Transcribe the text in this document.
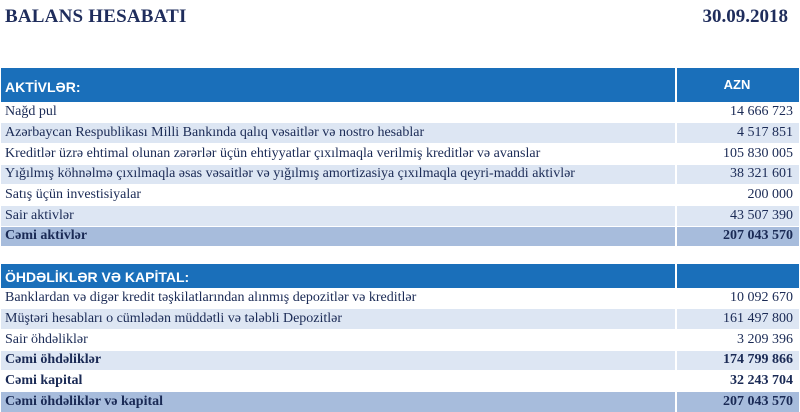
BALANS HESABATI	30.09.2018
AKTİVLƏR:	AZN
Nağd pul	14 666 723
Azərbaycan Respublikası Milli Bankında qalıq vəsaitlər və nostro hesablar	4 517 851
Kreditlər üzrə ehtimal olunan zərərlər üçün ehtiyyatlar çıxılmaqla verilmiş kreditlər və avanslar	105 830 005
Yığılmış köhnəlmə çıxılmaqla əsas vəsaitlər və yığılmış amortizasiya çıxılmaqla qeyri-maddi aktivlər	38 321 601
Satış üçün investisiyalar	200 000
Sair aktivlər	43 507 390
Cəmi aktivlər	207 043 570
ÖHDƏLİKLƏR VƏ KAPİTAL:	
Banklardan və digər kredit təşkilatlarından alınmış depozitlər və kreditlər	10 092 670
Müştəri hesabları o cümlədən müddətli və tələbli Depozitlər	161 497 800
Sair öhdəliklər	3 209 396
Cəmi öhdəliklər	174 799 866
Cəmi kapital	32 243 704
Cəmi öhdəliklər və kapital	207 043 570
